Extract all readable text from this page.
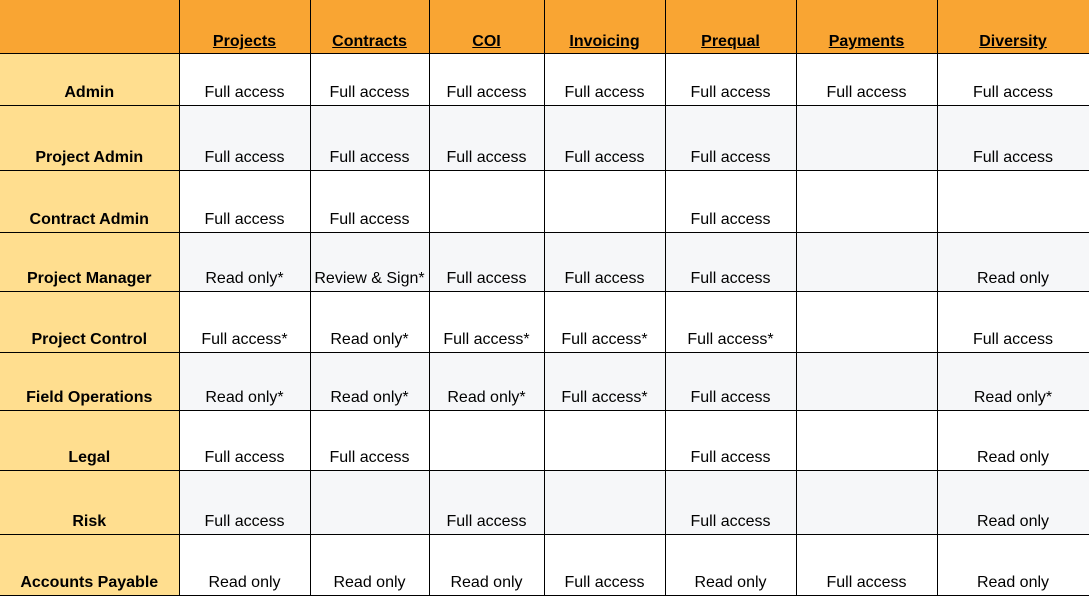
	Projects	Contracts	COI	Invoicing	Prequal	Payments	Diversity
Admin	Full access	Full access	Full access	Full access	Full access	Full access	Full access
Project Admin	Full access	Full access	Full access	Full access	Full access		Full access
Contract Admin	Full access	Full access			Full access		
Project Manager	Read only*	Review & Sign*	Full access	Full access	Full access		Read only
Project Control	Full access*	Read only*	Full access*	Full access*	Full access*		Full access
Field Operations	Read only*	Read only*	Read only*	Full access*	Full access		Read only*
Legal	Full access	Full access			Full access		Read only
Risk	Full access		Full access		Full access		Read only
Accounts Payable	Read only	Read only	Read only	Full access	Read only	Full access	Read only
